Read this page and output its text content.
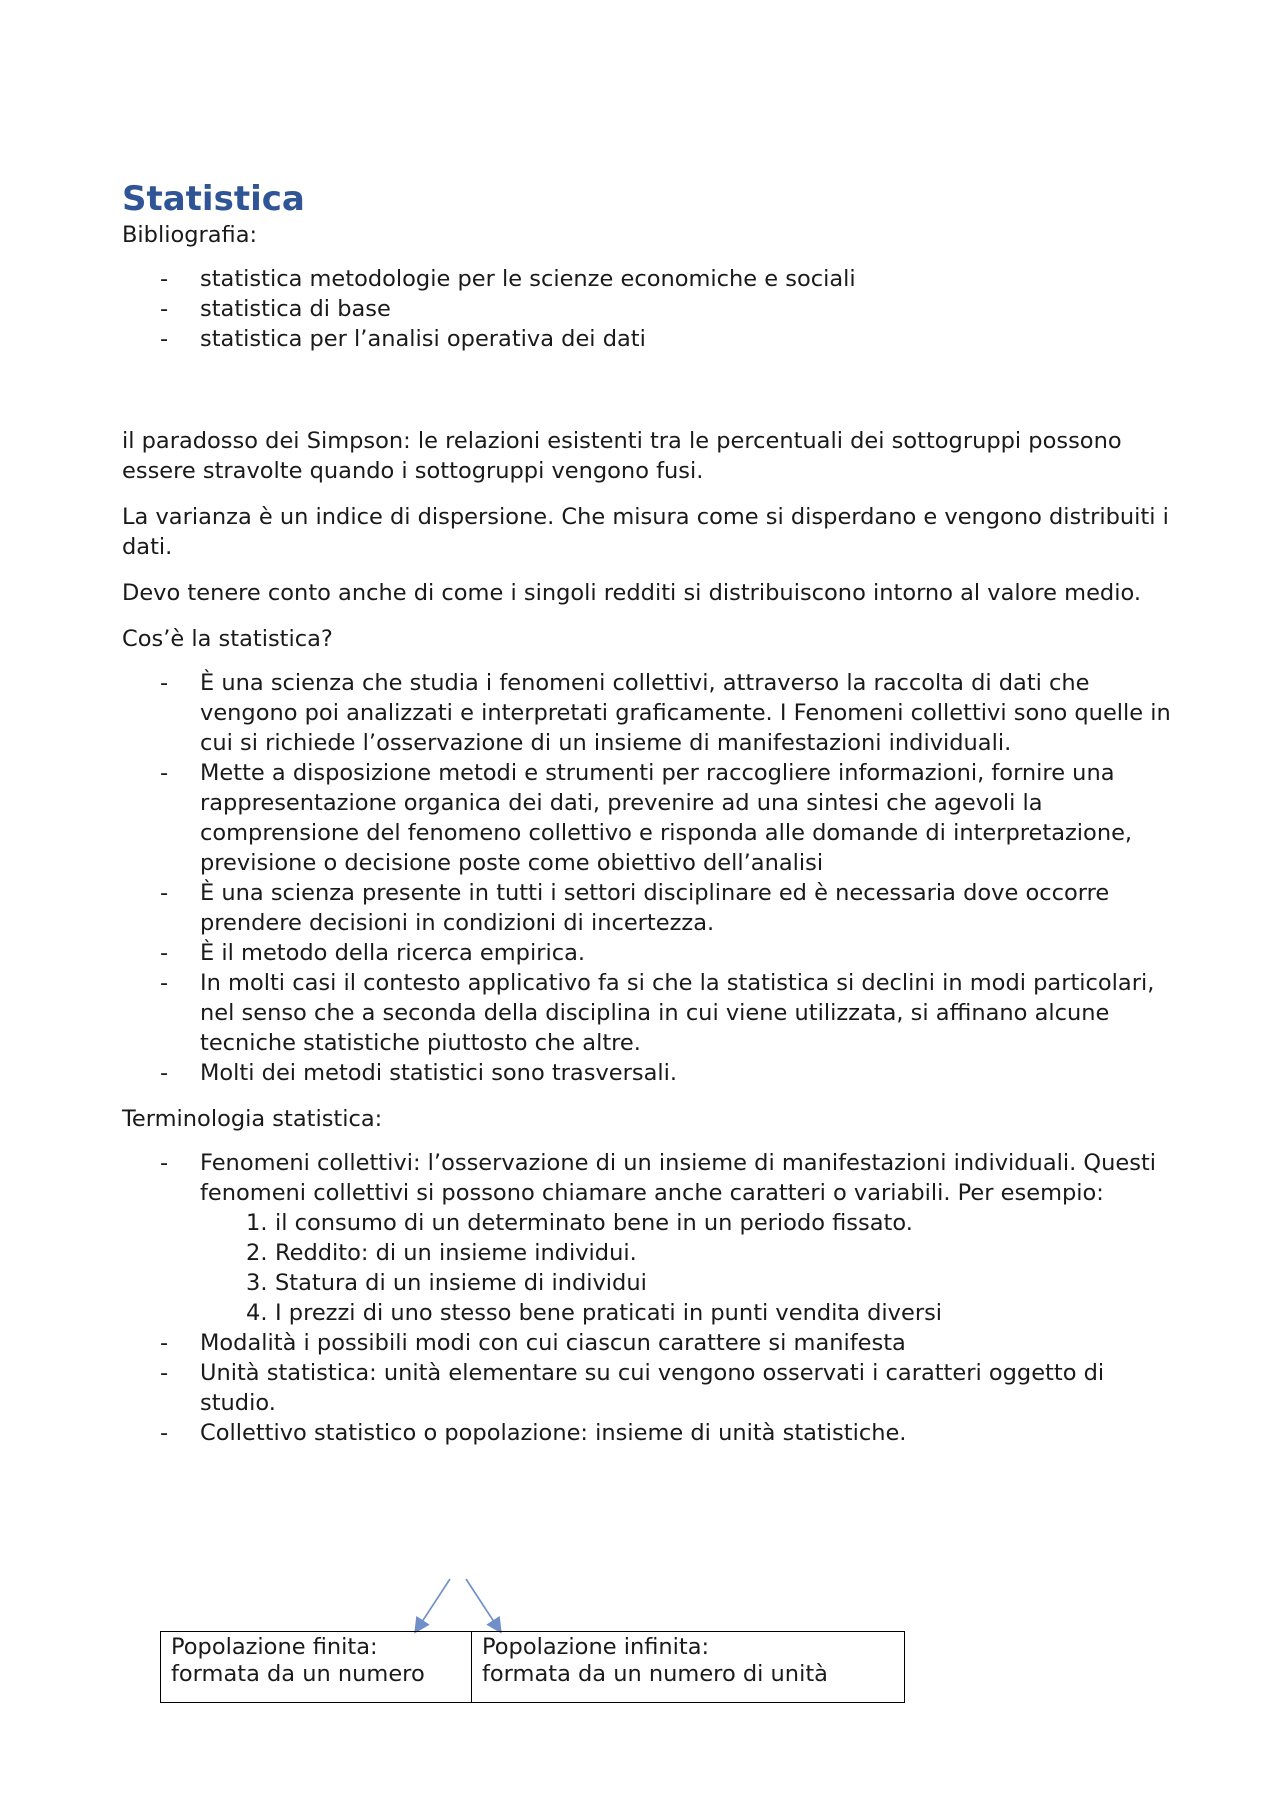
Statistica

Bibliografia:

- statistica metodologie per le scienze economiche e sociali
- statistica di base
- statistica per l’analisi operativa dei dati

il paradosso dei Simpson: le relazioni esistenti tra le percentuali dei sottogruppi possono essere stravolte quando i sottogruppi vengono fusi.

La varianza è un indice di dispersione. Che misura come si disperdano e vengono distribuiti i dati.

Devo tenere conto anche di come i singoli redditi si distribuiscono intorno al valore medio.

Cos’è la statistica?

- È una scienza che studia i fenomeni collettivi, attraverso la raccolta di dati che vengono poi analizzati e interpretati graficamente. I Fenomeni collettivi sono quelle in cui si richiede l’osservazione di un insieme di manifestazioni individuali.
- Mette a disposizione metodi e strumenti per raccogliere informazioni, fornire una rappresentazione organica dei dati, prevenire ad una sintesi che agevoli la comprensione del fenomeno collettivo e risponda alle domande di interpretazione, previsione o decisione poste come obiettivo dell’analisi
- È una scienza presente in tutti i settori disciplinare ed è necessaria dove occorre prendere decisioni in condizioni di incertezza.
- È il metodo della ricerca empirica.
- In molti casi il contesto applicativo fa si che la statistica si declini in modi particolari, nel senso che a seconda della disciplina in cui viene utilizzata, si affinano alcune tecniche statistiche piuttosto che altre.
- Molti dei metodi statistici sono trasversali.

Terminologia statistica:

- Fenomeni collettivi: l’osservazione di un insieme di manifestazioni individuali. Questi fenomeni collettivi si possono chiamare anche caratteri o variabili. Per esempio:
1. il consumo di un determinato bene in un periodo fissato.
2. Reddito: di un insieme individui.
3. Statura di un insieme di individui
4. I prezzi di uno stesso bene praticati in punti vendita diversi
- Modalità i possibili modi con cui ciascun carattere si manifesta
- Unità statistica: unità elementare su cui vengono osservati i caratteri oggetto di studio.
- Collettivo statistico o popolazione: insieme di unità statistiche.
Popolazione finita:
formata da un numero
Popolazione infinita:
formata da un numero di unità
